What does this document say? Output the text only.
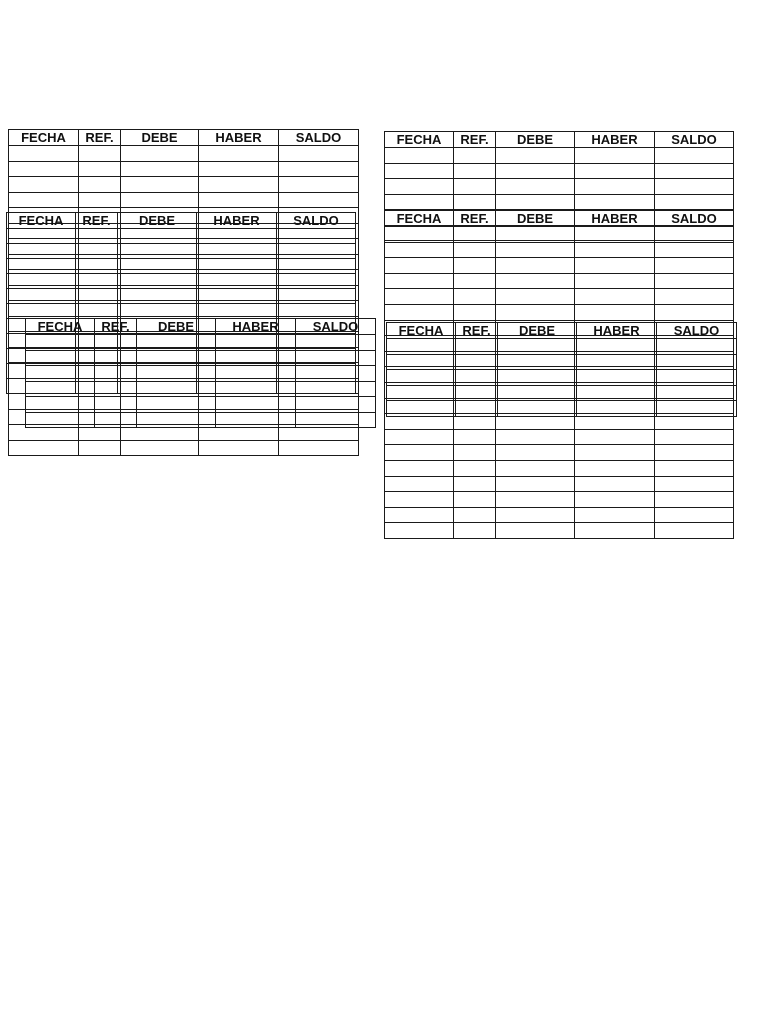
FECHA	REF.	DEBE	HABER	SALDO

FECHA	REF.	DEBE	HABER	SALDO

FECHA	REF.	DEBE	HABER	SALDO

FECHA	REF.	DEBE	HABER	SALDO

FECHA	REF.	DEBE	HABER	SALDO

FECHA	REF.	DEBE	HABER	SALDO
